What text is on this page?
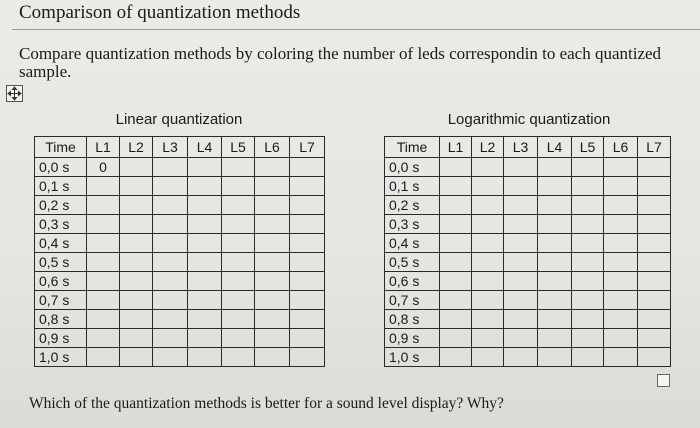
Comparison of quantization methods
Compare quantization methods by coloring the number of leds correspondin to each quantized sample.
Linear quantization
Time	L1	L2	L3	L4	L5	L6	L7
0,0 s	0						
0,1 s							
0,2 s							
0,3 s							
0,4 s							
0,5 s							
0,6 s							
0,7 s							
0,8 s							
0,9 s							
1,0 s							
Logarithmic quantization
Time	L1	L2	L3	L4	L5	L6	L7
0,0 s							
0,1 s							
0,2 s							
0,3 s							
0,4 s							
0,5 s							
0,6 s							
0,7 s							
0,8 s							
0,9 s							
1,0 s							
Which of the quantization methods is better for a sound level display? Why?
